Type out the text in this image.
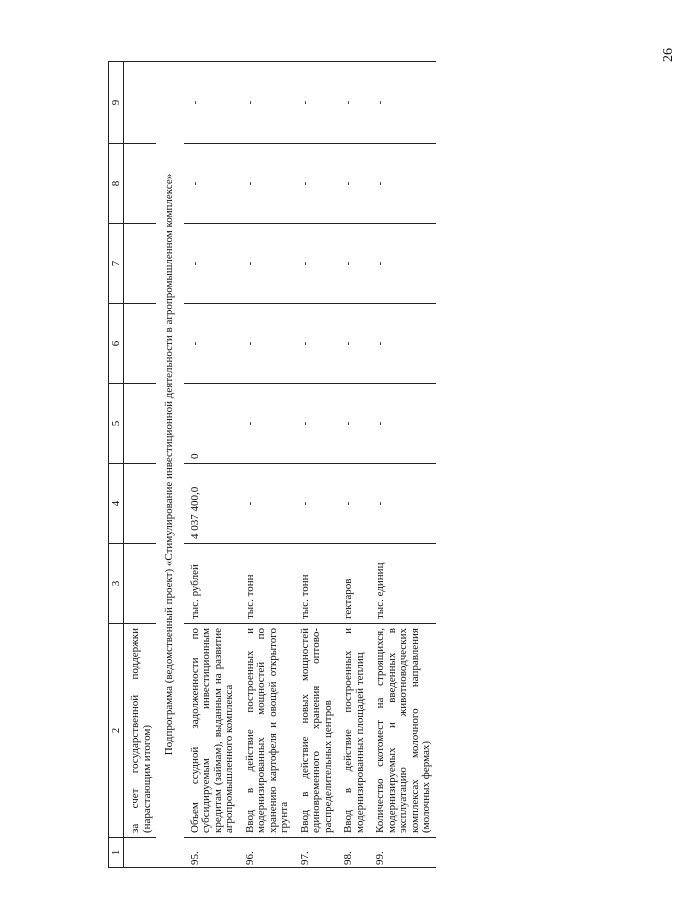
26
1	2	3	4	5	6	7	8	9
	за счет государственной поддержки (нарастающим итогом)							
Подпрограмма (ведомственный проект) «Стимулирование инвестиционной деятельности в агропромышленном комплексе»								
95.	Объем ссудной задолженности по субсидируемым инвестиционным кредитам (займам), выданным на развитие агропромышленного комплекса	тыс. рублей	4 037 400,0	0	-	-	-	-
96.	Ввод в действие построенных и модернизированных мощностей по хранению картофеля и овощей открытого грунта	тыс. тонн	-	-	-	-	-	-
97.	Ввод в действие новых мощностей единовременного хранения оптово-распределительных центров	тыс. тонн	-	-	-	-	-	-
98.	Ввод в действие построенных и модернизированных площадей теплиц	гектаров	-	-	-	-	-	-
99.	Количество скотомест на строящихся, модернизируемых и введенных в эксплуатацию животноводческих комплексах молочного направления (молочных фермах)	тыс. единиц	-	-	-	-	-	-
